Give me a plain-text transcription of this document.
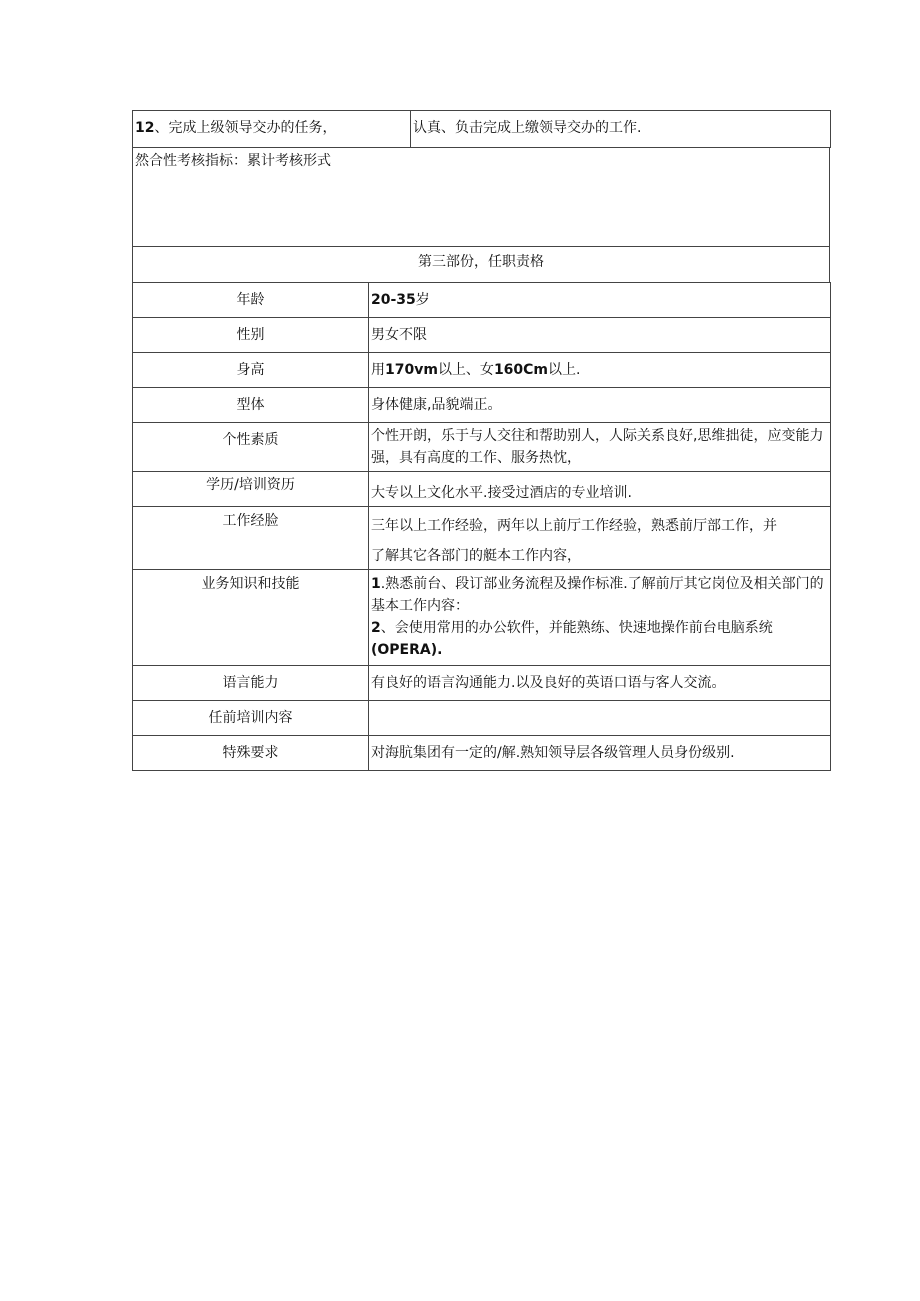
12、完成上级领导交办的任务，	认真、负击完成上缴领导交办的工作.
然合性考核指标：累计考核形式
第三部份，任职责格
年龄	20-35岁
性别	男女不限
身高	用170vm以上、女160Cm以上.
型体	身体健康,品貌端正。
个性素质	个性开朗，乐于与人交往和帮助别人，人际关系良好,思维拙徒，应变能力强，具有高度的工作、服务热忱，
学历/培训资历	大专以上文化水平.接受过酒店的专业培训.
工作经脸	三年以上工作经验，两年以上前厅工作经验，熟悉前厅部工作，并
了解其它各部门的艇本工作内容，

业务知识和技能	1.熟悉前台、段订部业务流程及操作标准.了解前厅其它岗位及相关部门的基本工作内容：
2、会使用常用的办公软件，并能熟练、快速地操作前台电脑系统 (OPERA).

语言能力	有良好的语言沟通能力.以及良好的英语口语与客人交流。
任前培训内容	
特殊要求	对海肮集团有一定的/解.熟知领导层各级管理人员身份级别.
